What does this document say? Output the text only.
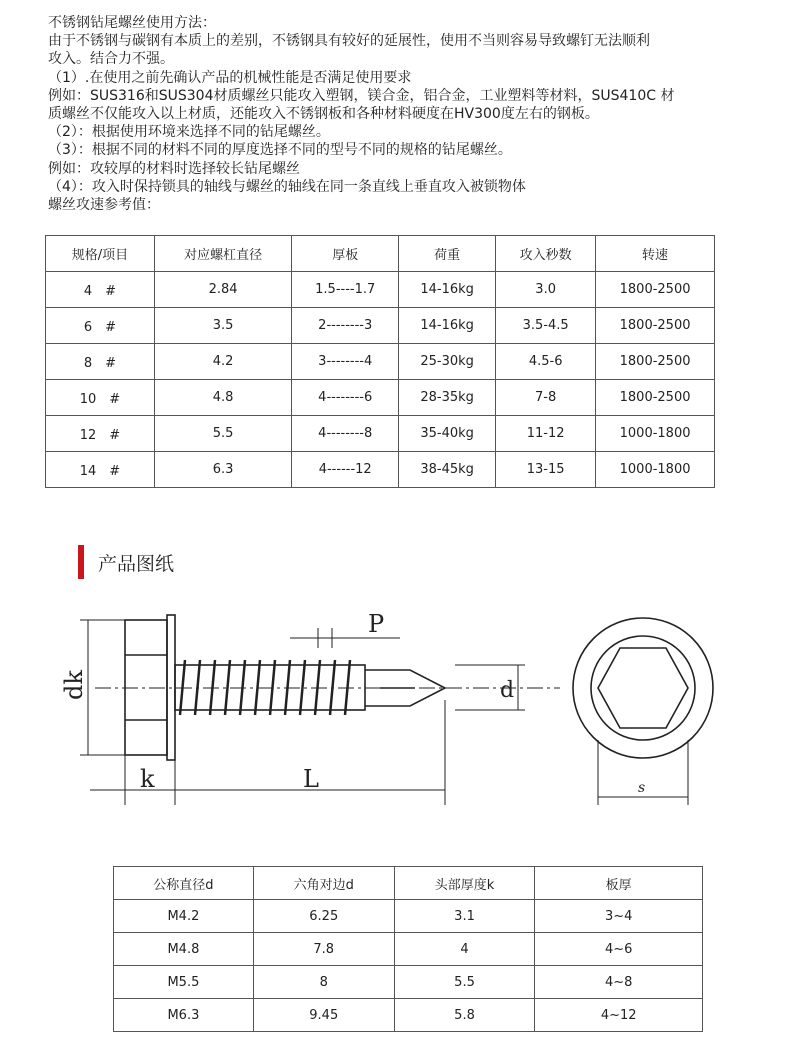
不锈钢钻尾螺丝使用方法：
由于不锈钢与碳钢有本质上的差别，不锈钢具有较好的延展性，使用不当则容易导致螺钉无法顺利
攻入。结合力不强。
（1）.在使用之前先确认产品的机械性能是否满足使用要求
例如：SUS316和SUS304材质螺丝只能攻入塑钢，镁合金，铝合金，工业塑料等材料，SUS410C 材
质螺丝不仅能攻入以上材质，还能攻入不锈钢板和各种材料硬度在HV300度左右的钢板。
（2）：根据使用环境来选择不同的钻尾螺丝。
（3）：根据不同的材料不同的厚度选择不同的型号不同的规格的钻尾螺丝。
例如：攻较厚的材料时选择较长钻尾螺丝
（4）：攻入时保持锁具的轴线与螺丝的轴线在同一条直线上垂直攻入被锁物体
螺丝攻速参考值：
规格/项目	对应螺杠直径	厚板	荷重	攻入秒数	转速
4　#	2.84	1.5----1.7	14-16kg	3.0	1800-2500
6　#	3.5	2--------3	14-16kg	3.5-4.5	1800-2500
8　#	4.2	3--------4	25-30kg	4.5-6	1800-2500
10　#	4.8	4--------6	28-35kg	7-8	1800-2500
12　#	5.5	4--------8	35-40kg	11-12	1000-1800
14　#	6.3	4------12	38-45kg	13-15	1000-1800
产品图纸
P
dk	d
k	L	s
公称直径d	六角对边d	头部厚度k	板厚
M4.2	6.25	3.1	3~4
M4.8	7.8	4	4~6
M5.5	8	5.5	4~8
M6.3	9.45	5.8	4~12
